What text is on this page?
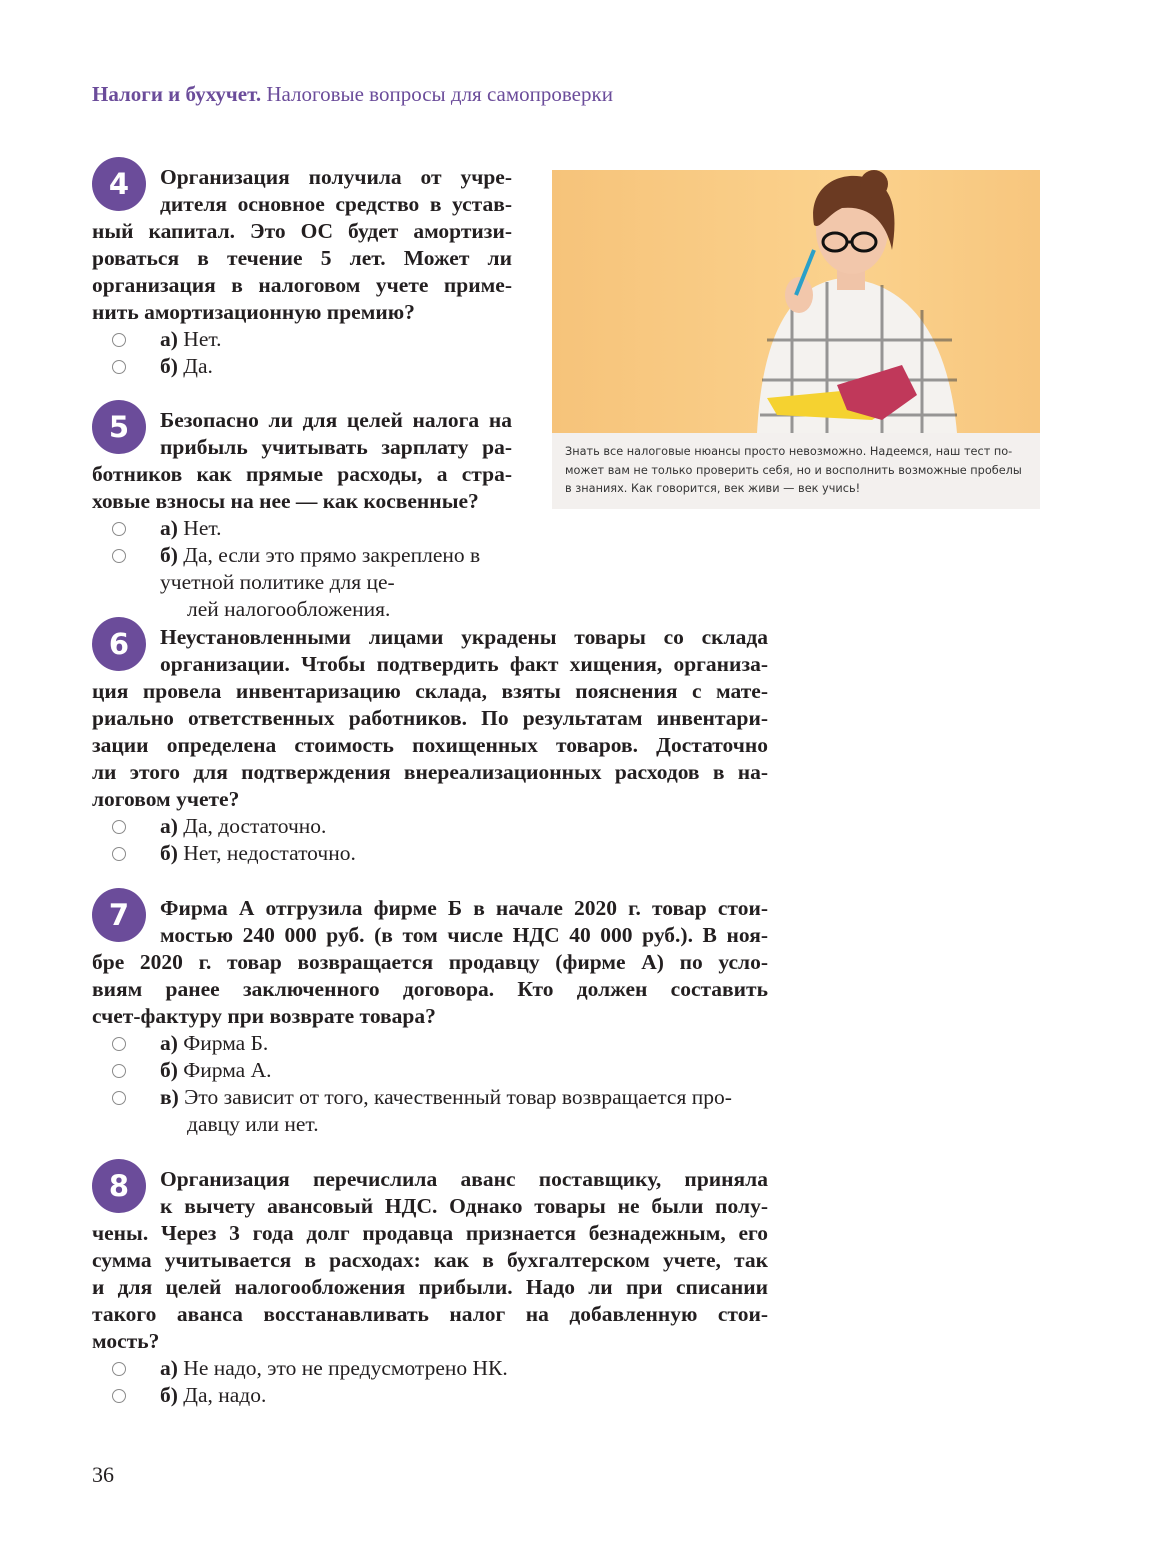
Налоги и бухучет. Налоговые вопросы для самопроверки
4	Организация получила от учре-
дителя основное средство в устав-
ный капитал. Это ОС будет амортизи-
роваться в течение 5 лет. Может ли
организация в налоговом учете приме-
нить амортизационную премию?
а) Нет.
б) Да.
5	Безопасно ли для целей налога на
прибыль учитывать зарплату ра-
ботников как прямые расходы, а стра-
ховые взносы на нее — как косвенные?
а) Нет.
б) Да, если это прямо закреплено в учетной политике для це-
лей налогообложения.
6	Неустановленными лицами украдены товары со склада
организации. Чтобы подтвердить факт хищения, организа-
ция провела инвентаризацию склада, взяты пояснения с мате-
риально ответственных работников. По результатам инвентари-
зации определена стоимость похищенных товаров. Достаточно
ли этого для подтверждения внереализационных расходов в на-
логовом учете?
а) Да, достаточно.
б) Нет, недостаточно.
7	Фирма А отгрузила фирме Б в начале 2020 г. товар стои-
мостью 240 000 руб. (в том числе НДС 40 000 руб.). В ноя-
бре 2020 г. товар возвращается продавцу (фирме А) по усло-
виям ранее заключенного договора. Кто должен составить
счет-фактуру при возврате товара?
а) Фирма Б.
б) Фирма А.
в) Это зависит от того, качественный товар возвращается про-
давцу или нет.
8	Организация перечислила аванс поставщику, приняла
к вычету авансовый НДС. Однако товары не были полу-
чены. Через 3 года долг продавца признается безнадежным, его
сумма учитывается в расходах: как в бухгалтерском учете, так
и для целей налогообложения прибыли. Надо ли при списании
такого аванса восстанавливать налог на добавленную стои-
мость?
а) Не надо, это не предусмотрено НК.
б) Да, надо.
Знать все налоговые нюансы просто невозможно. Надеемся, наш тест по-
может вам не только проверить себя, но и восполнить возможные пробелы
в знаниях. Как говорится, век живи — век учись!
36
